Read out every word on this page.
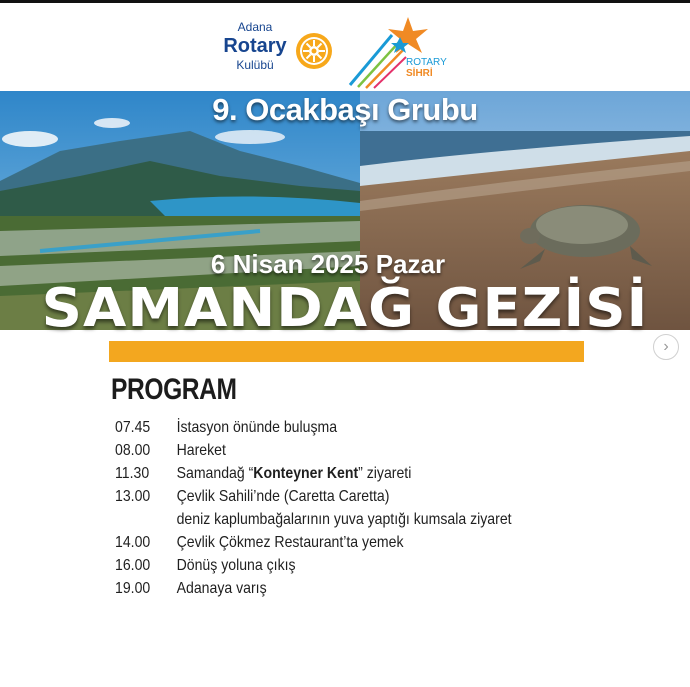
Adana
Rotary
Kulübü	ROTARY
SİHRİ
9. Ocakbaşı Grubu
6 Nisan 2025 Pazar
SAMANDAĞ GEZİSİ
›
PROGRAM
07.45	İstasyon önünde buluşma
08.00	Hareket
11.30	Samandağ “Konteyner Kent” ziyareti
13.00	Çevlik Sahili’nde (Caretta Caretta)
deniz kaplumbağalarının yuva yaptığı kumsala ziyaret
14.00	Çevlik Çökmez Restaurant’ta yemek
16.00	Dönüş yoluna çıkış
19.00	Adanaya varış
